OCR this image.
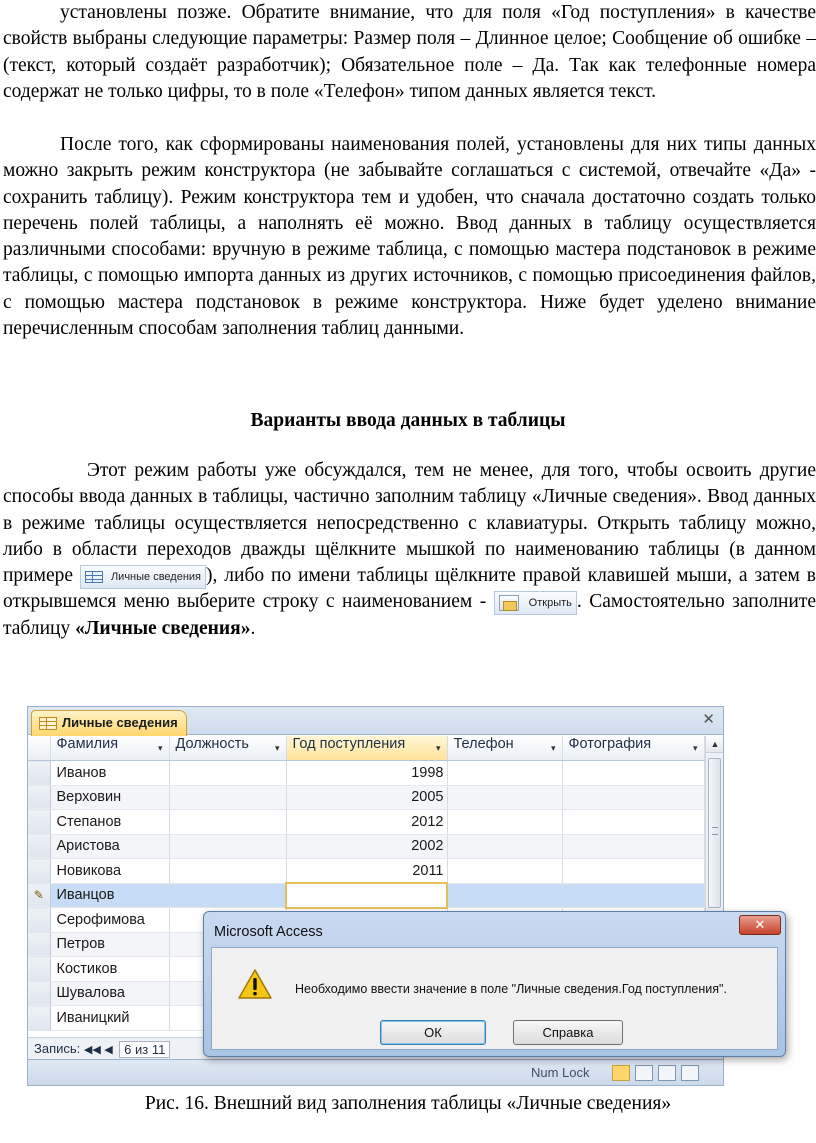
установлены позже. Обратите внимание, что для поля «Год поступления» в качестве свойств выбраны следующие параметры: Размер поля – Длинное целое; Сообщение об ошибке – (текст, который создаёт разработчик); Обязательное поле – Да. Так как телефонные номера содержат не только цифры, то в поле «Телефон» типом данных является текст.

После того, как сформированы наименования полей, установлены для них типы данных можно закрыть режим конструктора (не забывайте соглашаться с системой, отвечайте «Да» - сохранить таблицу). Режим конструктора тем и удобен, что сначала достаточно создать только перечень полей таблицы, а наполнять её можно. Ввод данных в таблицу осуществляется различными способами: вручную в режиме таблица, с помощью мастера подстановок в режиме таблицы, с помощью импорта данных из других источников, с помощью присоединения файлов, с помощью мастера подстановок в режиме конструктора. Ниже будет уделено внимание перечисленным способам заполнения таблиц данными.

Варианты ввода данных в таблицы

Этот режим работы уже обсуждался, тем не менее, для того, чтобы освоить другие способы ввода данных в таблицы, частично заполним таблицу «Личные сведения». Ввод данных в режиме таблицы осуществляется непосредственно с клавиатуры. Открыть таблицу можно, либо в области переходов дважды щёлкните мышкой по наименованию таблицы (в данном примере	Личные сведения ), либо по имени таблицы щёлкните правой клавишей мыши, а затем в открывшемся меню выберите строку с наименованием -	Открыть . Самостоятельно заполните таблицу «Личные сведения».

Личные сведения	✕
	Фамилия ▾	Должность ▾	Год поступления ▾	Телефон ▾	Фотография ▾

	Иванов		1998		
	Верховин		2005		
	Степанов		2012		
	Аристова		2002		
	Новикова		2011		
✎	Иванцов				
	Серофимова				
	Петров				
	Костиков				
	Шувалова				
	Иваницкий				
▲
Запись: ◀◀ ◀ 6 из 11
Num Lock
Microsoft Access	✕
Необходимо ввести значение в поле "Личные сведения.Год поступления".
ОК	Справка
Рис. 16. Внешний вид заполнения таблицы «Личные сведения»
